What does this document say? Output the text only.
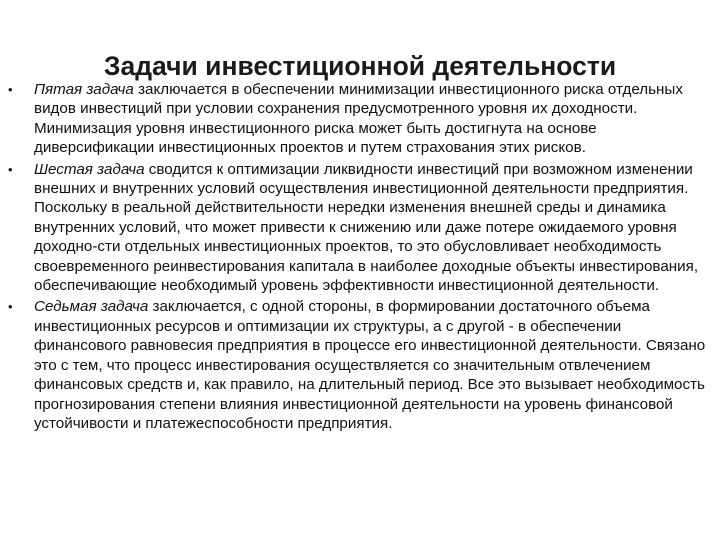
Задачи инвестиционной деятельности
• Пятая задача заключается в обеспечении минимизации инвестиционного риска отдельных видов инвестиций при условии сохранения предусмотренного уровня их доходности. Минимизация уровня инвестиционного риска может быть достигнута на основе диверсификации инвестиционных проектов и путем страхования этих рисков.
• Шестая задача сводится к оптимизации ликвидности инвестиций при возможном изменении внешних и внутренних условий осуществления инвестиционной деятельности предприятия. Поскольку в реальной действительности нередки изменения внешней среды и динамика внутренних условий, что может привести к снижению или даже потере ожидаемого уровня доходно-сти отдельных инвестиционных проектов, то это обусловливает необходимость своевременного реинвестирования капитала в наиболее доходные объекты инвестирования, обеспечивающие необходимый уровень эффективности инвестиционной деятельности.
• Седьмая задача заключается, с одной стороны, в формировании достаточного объема инвестиционных ресурсов и оптимизации их структуры, а с другой - в обеспечении финансового равновесия предприятия в процессе его инвестиционной деятельности. Связано это с тем, что процесс инвестирования осуществляется со значительным отвлечением финансовых средств и, как правило, на длительный период. Все это вызывает необходимость прогнозирования степени влияния инвестиционной деятельности на уровень финансовой устойчивости и платежеспособности предприятия.
